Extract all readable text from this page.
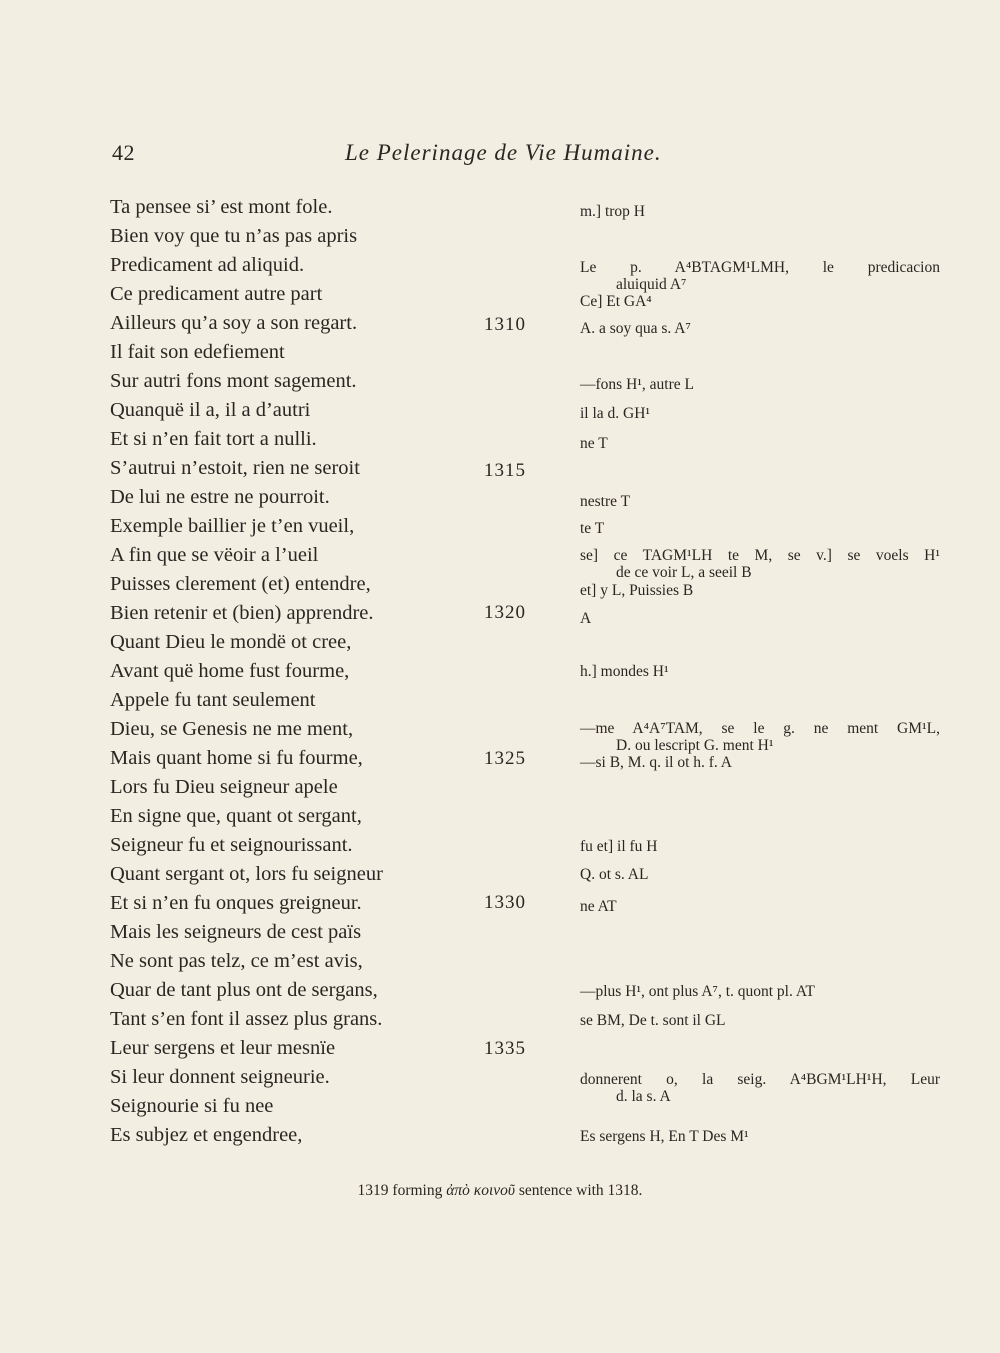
42	Le Pelerinage de Vie Humaine.
Ta pensee si’ est mont fole.
Bien voy que tu n’as pas apris
Predicament ad aliquid.
Ce predicament autre part
Ailleurs qu’a soy a son regart.
Il fait son edefiement
Sur autri fons mont sagement.
Quanquë il a, il a d’autri
Et si n’en fait tort a nulli.
S’autrui n’estoit, rien ne seroit
De lui ne estre ne pourroit.
Exemple baillier je t’en vueil,
A fin que se vëoir a l’ueil
Puisses clerement (et) entendre,
Bien retenir et (bien) apprendre.
Quant Dieu le mondë ot cree,
Avant quë home fust fourme,
Appele fu tant seulement
Dieu, se Genesis ne me ment,
Mais quant home si fu fourme,
Lors fu Dieu seigneur apele
En signe que, quant ot sergant,
Seigneur fu et seignourissant.
Quant sergant ot, lors fu seigneur
Et si n’en fu onques greigneur.
Mais les seigneurs de cest païs
Ne sont pas telz, ce m’est avis,
Quar de tant plus ont de sergans,
Tant s’en font il assez plus grans.
Leur sergens et leur mesnïe
Si leur donnent seigneurie.
Seignourie si fu nee
Es subjez et engendree,
1310
1315
1320
1325
1330
1335
m.] trop H
Le p. A⁴BTAGM¹LMH, le predicacion
aluiquid A⁷
Ce] Et GA⁴
A. a soy qua s. A⁷
—fons H¹, autre L
il la d. GH¹
ne T
nestre T
te T
se] ce TAGM¹LH te M, se v.] se voels H¹
de ce voir L, a seeil B
et] y L, Puissies B
A
h.] mondes H¹
—me A⁴A⁷TAM, se le g. ne ment GM¹L,
D. ou lescript G. ment H¹
—si B, M. q. il ot h. f. A
fu et] il fu H
Q. ot s. AL
ne AT
—plus H¹, ont plus A⁷, t. quont pl. AT
se BM, De t. sont il GL
donnerent o, la seig. A⁴BGM¹LH¹H, Leur
d. la s. A
Es sergens H, En T Des M¹
1319 forming ἀπὸ κοινοῦ sentence with 1318.
